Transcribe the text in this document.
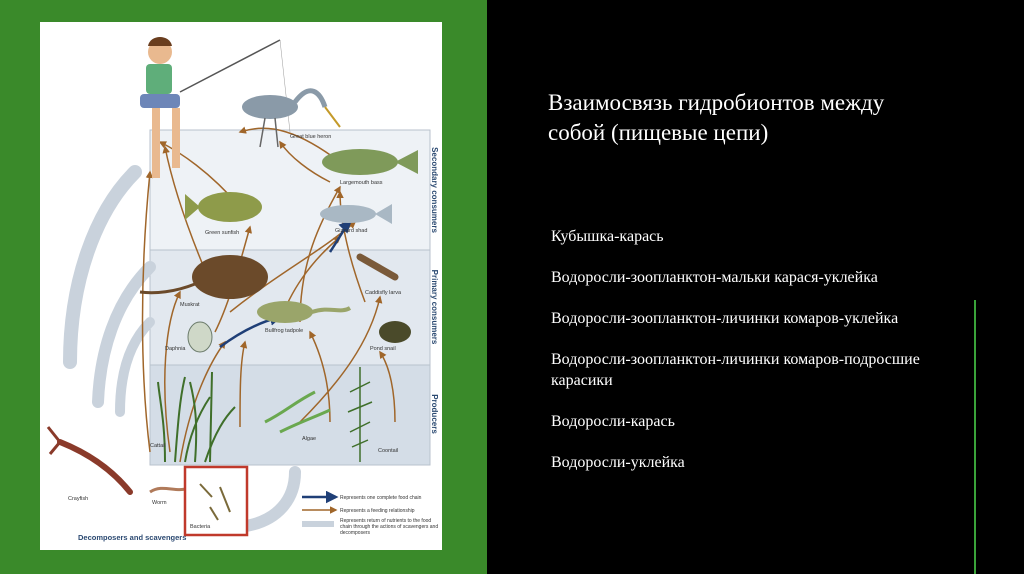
Secondary consumers
Primary consumers
Producers
Great blue heron
Largemouth bass
Green sunfish	Gizzard shad
Muskrat
Caddisfly larva
Bullfrog tadpole
Daphnia	Pond snail
Cattail
Algae
Coontail
Crayfish
Worm
Bacteria
Decomposers and scavengers
Represents one complete food chain
Represents a feeding relationship
Represents return of nutrients to the food chain through the actions of scavengers and decomposers
Взаимосвязь гидробионтов между собой (пищевые цепи)
Кубышка-карась
Водоросли-зоопланктон-мальки карася-уклейка
Водоросли-зоопланктон-личинки комаров-уклейка
Водоросли-зоопланктон-личинки комаров-подросшие карасики
Водоросли-карась
Водоросли-уклейка
